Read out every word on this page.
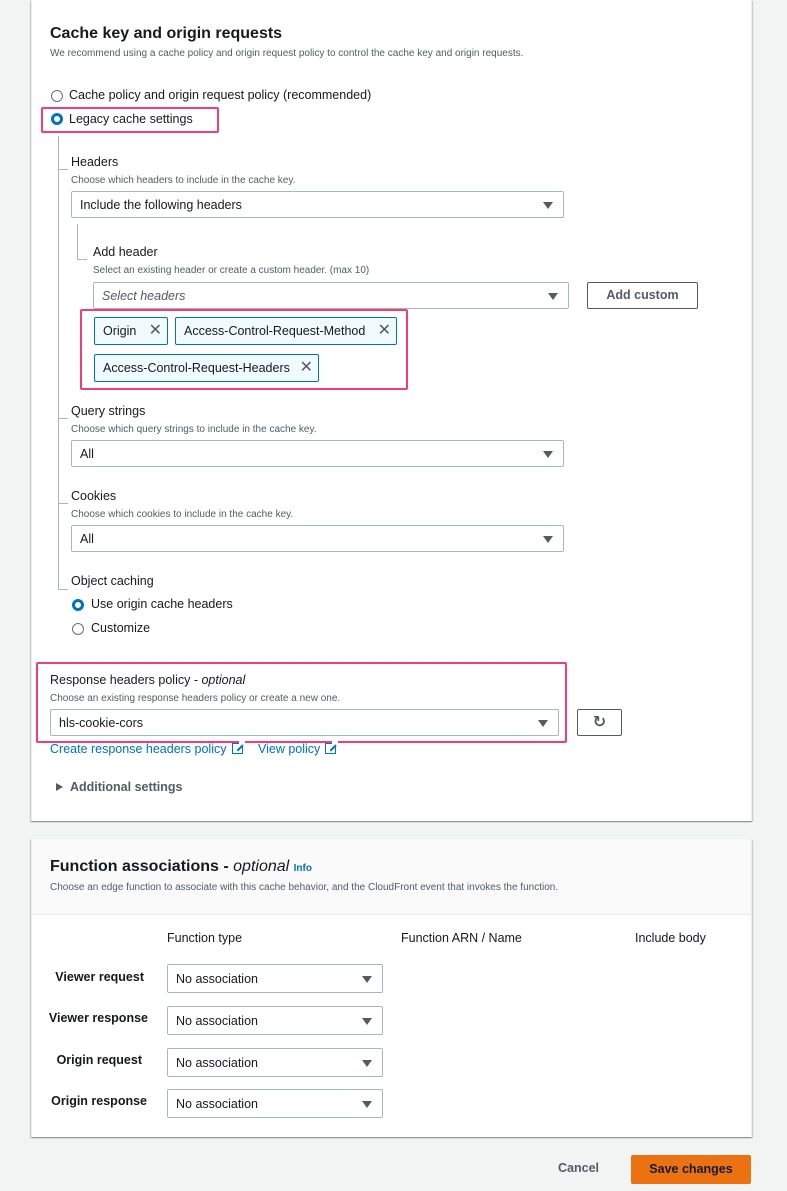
Cache key and origin requests
We recommend using a cache policy and origin request policy to control the cache key and origin requests.
Cache policy and origin request policy (recommended)
Legacy cache settings
Headers
Choose which headers to include in the cache key.
Include the following headers
Add header
Select an existing header or create a custom header. (max 10)
Select headers	Add custom
Origin ✕	Access-Control-Request-Method ✕
Access-Control-Request-Headers ✕
Query strings
Choose which query strings to include in the cache key.
All
Cookies
Choose which cookies to include in the cache key.
All
Object caching
Use origin cache headers
Customize
Response headers policy - optional
Choose an existing response headers policy or create a new one.
hls-cookie-cors	↻
Create response headers policy	View policy
Additional settings
Function associations - optional Info
Choose an edge function to associate with this cache behavior, and the CloudFront event that invokes the function.
Function type	Function ARN / Name	Include body
Viewer request	No association
Viewer response No association
Origin request	No association
Origin response No association
Cancel	Save changes
